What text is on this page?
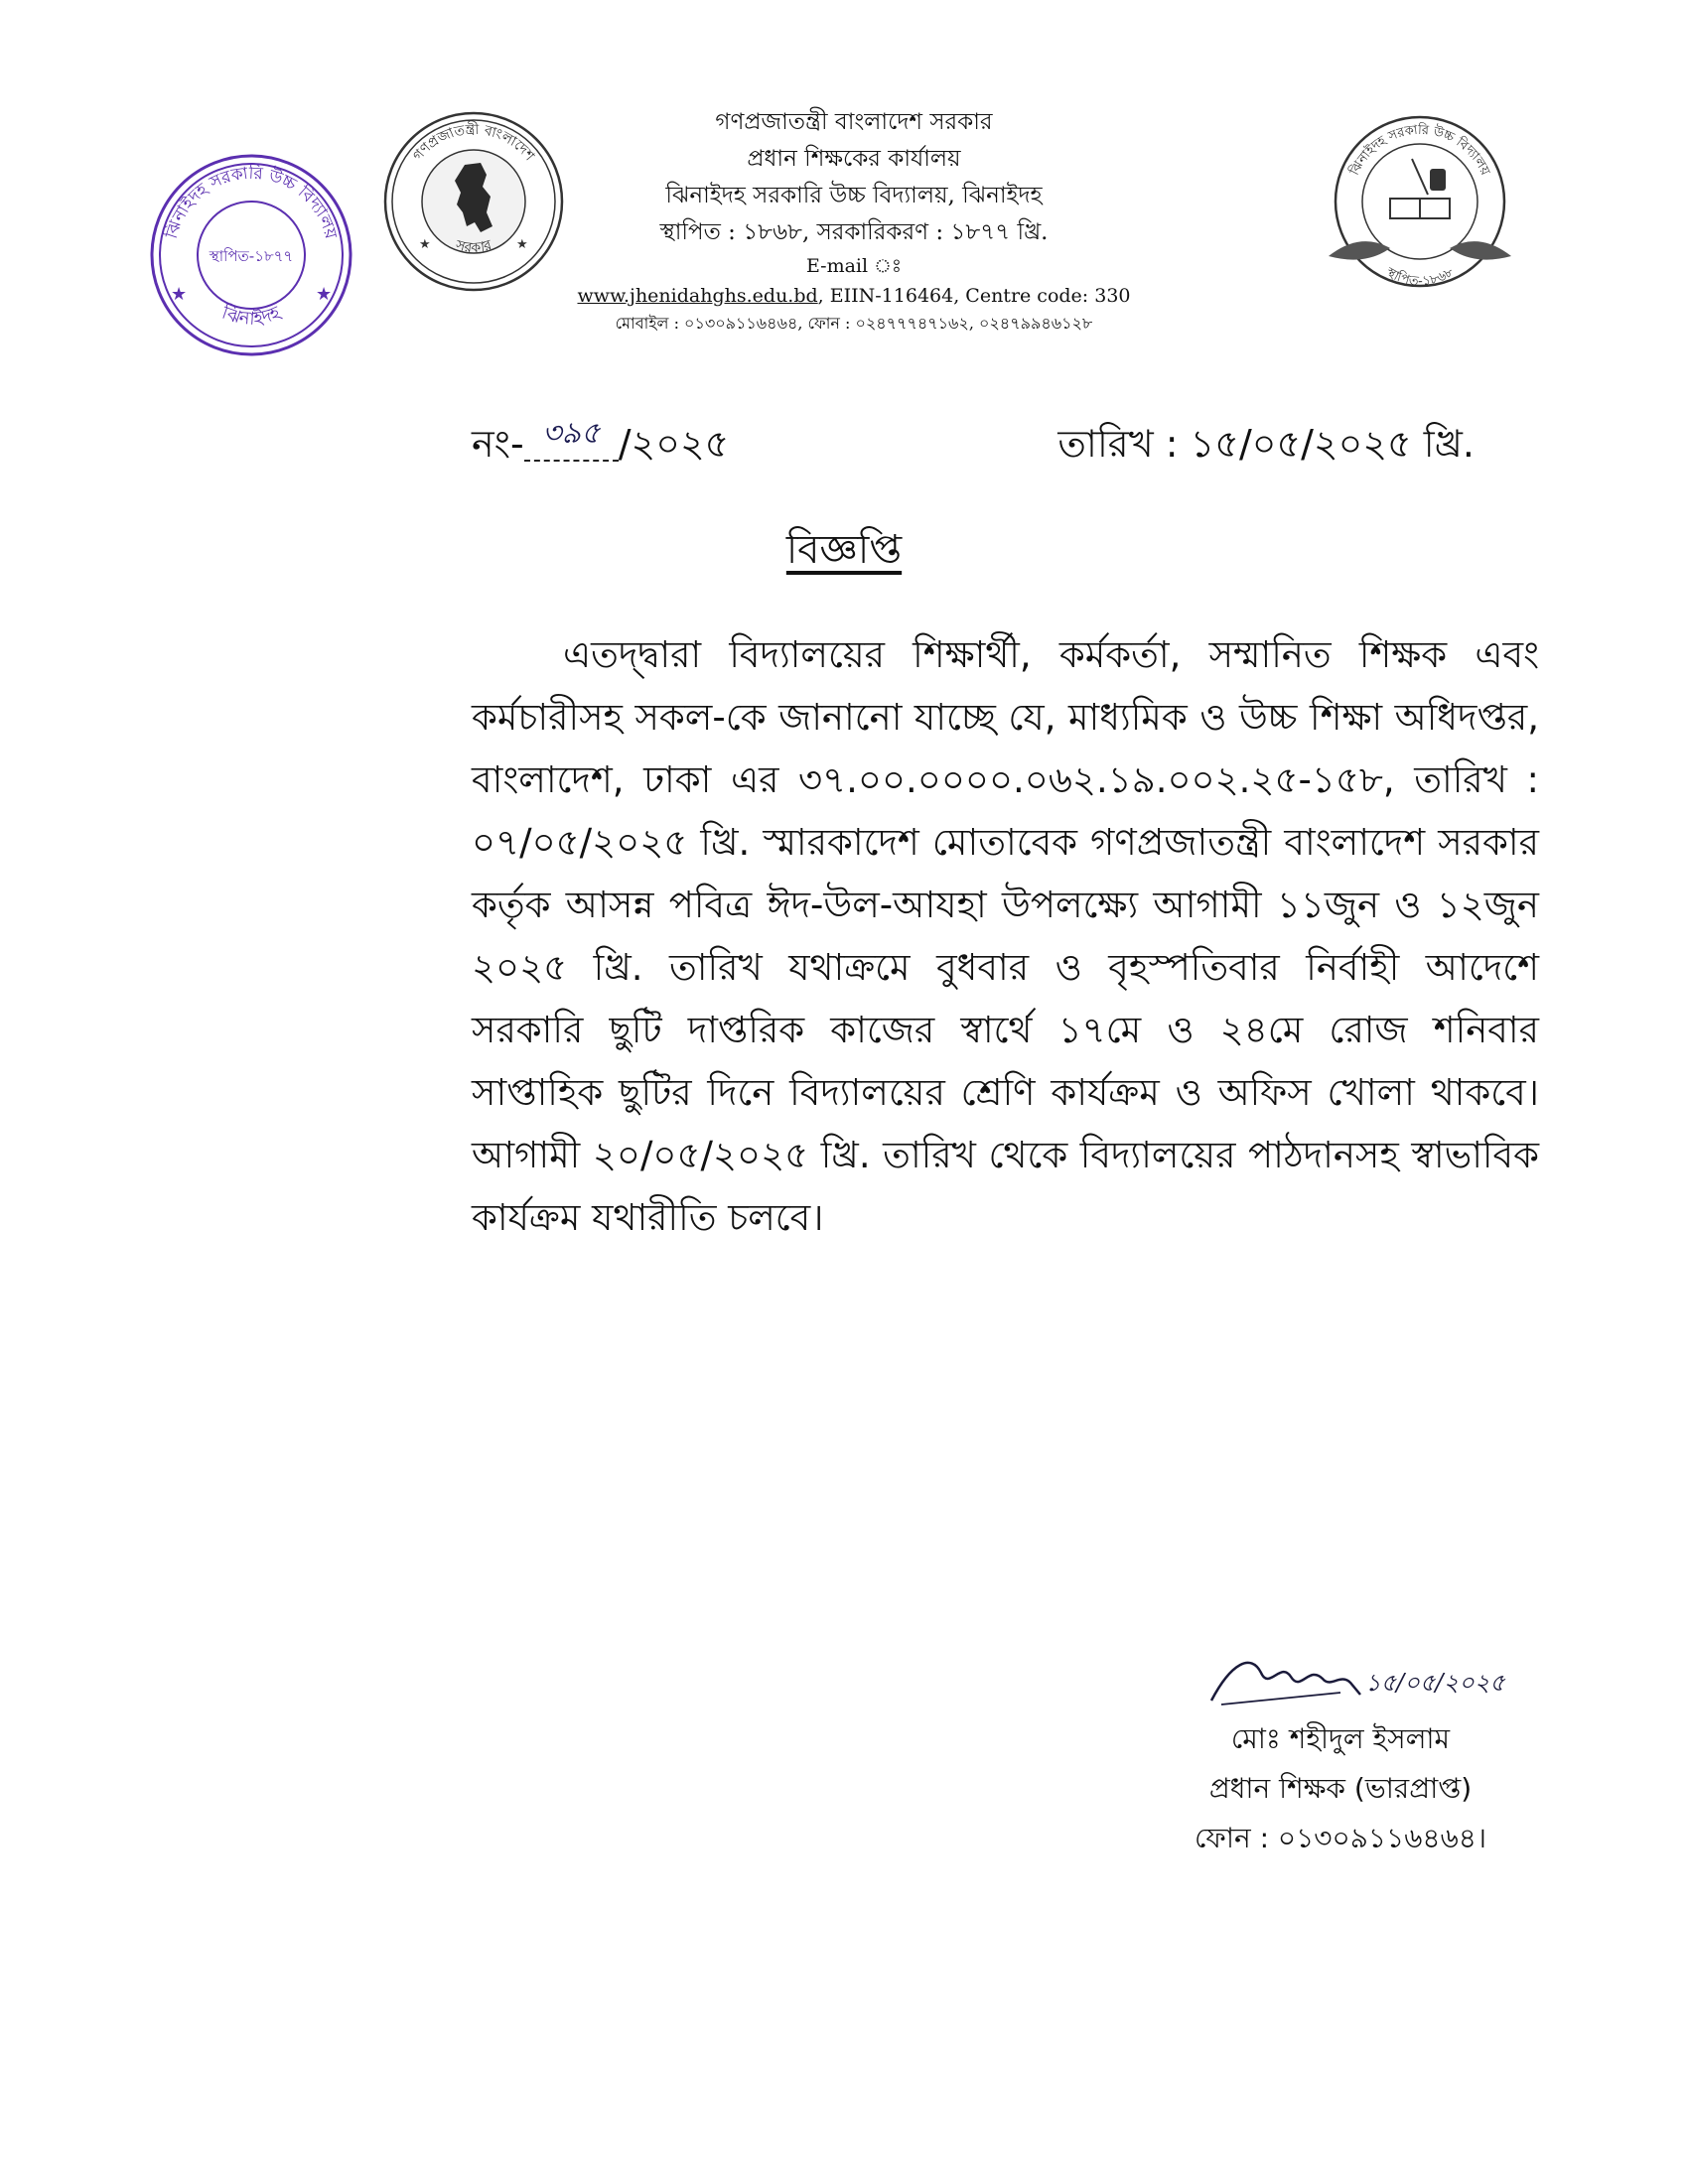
ঝিনাইদহ সরকারি উচ্চ বিদ্যালয়
ঝিনাইদহ
স্থাপিত-১৮৭৭
★	★
গণপ্রজাতন্ত্রী বাংলাদেশ
সরকার
★	★
ঝিনাইদহ সরকারি উচ্চ বিদ্যালয়
স্থাপিত-১৮৬৮
গণপ্রজাতন্ত্রী বাংলাদেশ সরকার
প্রধান শিক্ষকের কার্যালয়
ঝিনাইদহ সরকারি উচ্চ বিদ্যালয়, ঝিনাইদহ
স্থাপিত : ১৮৬৮, সরকারিকরণ : ১৮৭৭ খ্রি.
E-mail ঃ
www.jhenidahghs.edu.bd, EIIN-116464, Centre code: 330
মোবাইল : ০১৩০৯১১৬৪৬৪, ফোন : ০২৪৭৭৭৪৭১৬২, ০২৪৭৯৯৪৬১২৮
নং- ৩৯৫ /২০২৫	তারিখ : ১৫/০৫/২০২৫ খ্রি.
বিজ্ঞপ্তি

এতদ্দ্বারা বিদ্যালয়ের শিক্ষার্থী, কর্মকর্তা, সম্মানিত শিক্ষক এবং কর্মচারীসহ সকল-কে জানানো যাচ্ছে যে, মাধ্যমিক ও উচ্চ শিক্ষা অধিদপ্তর, বাংলাদেশ, ঢাকা এর ৩৭.০০.০০০০.০৬২.১৯.০০২.২৫-১৫৮, তারিখ : ০৭/০৫/২০২৫ খ্রি. স্মারকাদেশ মোতাবেক গণপ্রজাতন্ত্রী বাংলাদেশ সরকার কর্তৃক আসন্ন পবিত্র ঈদ-উল-আযহা উপলক্ষ্যে আগামী ১১জুন ও ১২জুন ২০২৫ খ্রি. তারিখ যথাক্রমে বুধবার ও বৃহস্পতিবার নির্বাহী আদেশে সরকারি ছুটি দাপ্তরিক কাজের স্বার্থে ১৭মে ও ২৪মে রোজ শনিবার সাপ্তাহিক ছুটির দিনে বিদ্যালয়ের শ্রেণি কার্যক্রম ও অফিস খোলা থাকবে। আগামী ২০/০৫/২০২৫ খ্রি. তারিখ থেকে বিদ্যালয়ের পাঠদানসহ স্বাভাবিক কার্যক্রম যথারীতি চলবে।

১৫/০৫/২০২৫
মোঃ শহীদুল ইসলাম
প্রধান শিক্ষক (ভারপ্রাপ্ত)
ফোন : ০১৩০৯১১৬৪৬৪।
